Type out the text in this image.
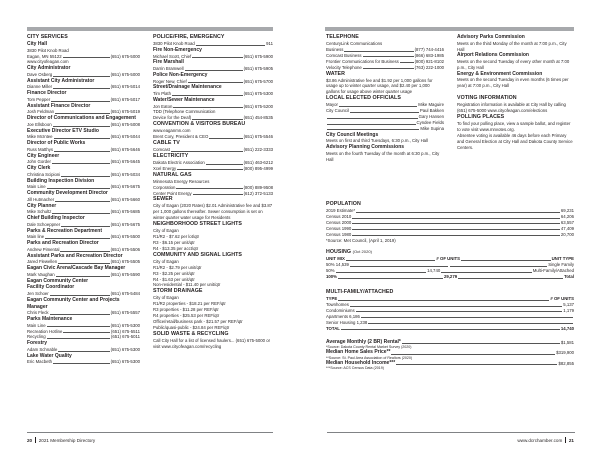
CITY SERVICES
City Hall
3830 Pilot Knob Road
Eagan, MN 55122	(651) 675-5000
www.cityofeagan.com
City Administrator
Dave Osberg	(651) 675-5000
Assistant City Administrator
Dianne Miller	(651) 675-5014
Finance Director
Tom Pepper	(651) 675-5017
Assistant Finance Director
Josh Feldman	(651) 675-5019
Director of Communications and Engagement
Joe Ellsboon	(651) 675-5008
Executive Director ETV Studio
Mike McIntee	(651) 675-5044
Director of Public Works
Russ Matthys	(651) 675-5646
City Engineer
John Gorder	(651) 675-5645
City Clerk
Christina Scipioni	(651) 675-5034
Building Inspection Division
Main Line	(651) 675-5675
Community Development Director
Jill Hutmacher	(651) 675-5660
City Planner
Mike Schultz	(651) 675-5685
Chief Building Inspector
Dale Schoeppner	(651) 675-5675
Parks & Recreation Department
Main line	(651) 675-5500
Parks and Recreation Director
Andrew Pimental	(651) 675-5506
Assistant Parks and Recreation Director
Jared Flewellen	(651) 675-5505
Eagan Civic Arena/Cascade Bay Manager
Mark Vaughan	(651) 675-5590
Eagan Community Center
Facility Coordinator
Jen Schoer	(651) 675-5484
Eagan Community Center and Projects Manager
Chris Fleck	(651) 675-5557
Parks Maintenance
Main Line	(651) 675-5300
Recreation Hotline	(651) 675-5511
Recycling	(651) 675-5011
Forestry
Adam Schnable	(651) 675-5300
Lake Water Quality
Eric Macbeth	(651) 675-5300
POLICE/FIRE, EMERGENCY
3830 Pilot Knob Road	911
Fire Non-Emergency
Michael Scott, Chief	(651) 675-5900
Fire Marshall
Darrin Bramwell	(651) 675-5905
Police Non-Emergency
Roger New, Chief	(651) 675-5700
Street/Drainage Maintenance
Tim Plath	(651) 675-5300
Water/Sewer Maintenance
Jon Eaton	(651) 675-5200
TDD (Telephone Communication
Device for the Deaf)	(651) 454-8535
CONVENTION & VISITORS BUREAU
www.eaganmn.com
Brent Cory, President & CEO	(651) 675-5546
CABLE TV
Comcast	(651) 222-3333
ELECTRICITY
Dakota Electric Association	(651) 463-6212
Xcel Energy	(800) 895-4999
NATURAL GAS
Minnesota Energy Resources
Corporation	(800) 889-9508
Center Point Energy	(612) 372-5133
SEWER
City of Eagan (2020 Rates) $2.01 Administrative fee and $3.87 per 1,000 gallons thereafter. Sewer consumption is set on winter quarter water usage for Residents
NEIGHBORHOOD STREET LIGHTS
City of Eagan
R1/R2 - $7.62 per lot/qtr
R3 - $6.15 per unit/qtr
R4 - $13.35 per acct/qtr
COMMUNITY AND SIGNAL LIGHTS
City of Eagan
R1/R2 - $2.79 per unit/qtr
R3 - $2.25 per unit/qtr
R4 - $1.63 per unit/qtr
Non-residential - $11.40 per unit/qtr
STORM DRAINAGE
City of Eagan
R1/R2 properties - $18.21 per REF/qtr
R3 properties - $11.28 per REF/qtr
R4 properties - $25.53 per REF/qtr
Office/retail/business park - $21.57 per REF/qtr
Public/quasi-public - $24.84 per REF/qtr
SOLID WASTE & RECYCLING
Call City Hall for a list of licensed haulers... (651) 675-5000 or visit www.cityofeagan.com/recycling
TELEPHONE
CenturyLink Communications
Business	(877) 744-4416
Comcast Business	(866) 683-1985
Frontier Communications for Business	(800) 921-8102
Velocity Telephone	(763) 222-1000
WATER
$3.86 Administrative fee and $1.92 per 1,000 gallons for usage up to winter quarter usage, and $2.40 per 1,000 gallons for usage above winter quarter usage
LOCAL ELECTED OFFICIALS
Mayor	Mike Maguire
City Council	Paul Bakken
Gary Hansen
Cyndee Fields
Mike Supina
City Council Meetings
Meets on first and third Tuesdays, 6:30 p.m., City Hall
Advisory Planning Commissions
Meets on the fourth Tuesday of the month at 6:30 p.m., City Hall
Advisory Parks Commission
Meets on the third Monday of the month at 7:00 p.m., City Hall
Airport Relations Commission
Meets on the second Tuesday of every other month at 7:00 p.m., City Hall
Energy & Environment Commission
Meets on the second Tuesday in even months (6 times per year) at 7:00 p.m., City Hall
VOTING INFORMATION
Registration information is available at City Hall by calling (651) 675-5000 www.cityofeagan.com/elections
POLLING PLACES
To find your polling place, view a sample ballot, and register to vote visit www.mnvotes.org.
Absentee voting is available 46 days before each Primary and General Election at City Hall and Dakota County Service Centers.
POPULATION
2019 Estimate*	69,231
Census 2010	64,206
Census 2000	63,557
Census 1990	47,409
Census 1980	20,700
*Source: Met Council, (April 1, 2019)
HOUSING (Oct 2020)
UNIT MIX	# OF UNITS	UNIT TYPE
50% 14,539	Single Family
50%	14,740	Multi-Family/Attached
100%	29,279	Total
MULTI-FAMILY/ATTACHED
TYPE	# OF UNITS
Townhomes	5,137
Condominiums	1,179
Apartments 6,186
Senior Housing 1,238
TOTAL	14,740
Average Monthly (2 BR) Rental*	$1,581
*Source: Dakota County Rental Market Survey (2020)
Median Home Sales Price**	$319,900
**Source: St. Paul Area Association of Realtors (2020)
Median Household Income***	$82,855
***Source: ACS Census Data (2019)
20 2021 Membership Directory	www.dcrchamber.com 21
